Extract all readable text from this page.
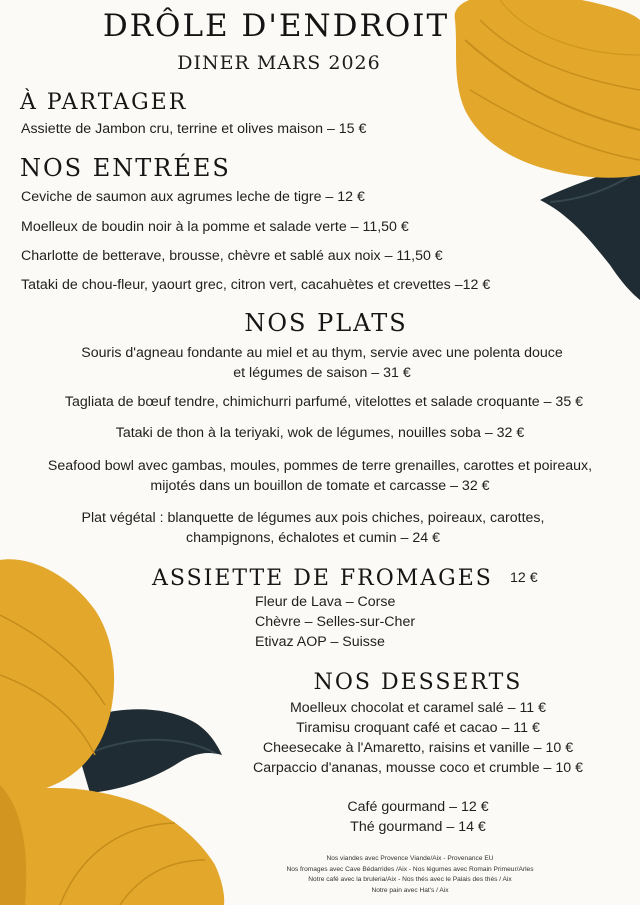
DRÔLE D'ENDROIT
DINER MARS 2026
À PARTAGER
Assiette de Jambon cru, terrine et olives maison – 15 €
NOS ENTRÉES
Ceviche de saumon aux agrumes leche de tigre – 12 €
Moelleux de boudin noir à la pomme et salade verte – 11,50 €
Charlotte de betterave, brousse, chèvre et sablé aux noix – 11,50 €
Tataki de chou-fleur, yaourt grec, citron vert, cacahuètes et crevettes –12 €
NOS PLATS
Souris d'agneau fondante au miel et au thym, servie avec une polenta douce
et légumes de saison – 31 €
Tagliata de bœuf tendre, chimichurri parfumé, vitelottes et salade croquante – 35 €
Tataki de thon à la teriyaki, wok de légumes, nouilles soba – 32 €
Seafood bowl avec gambas, moules, pommes de terre grenailles, carottes et poireaux,
mijotés dans un bouillon de tomate et carcasse – 32 €
Plat végétal : blanquette de légumes aux pois chiches, poireaux, carottes,
champignons, échalotes et cumin – 24 €
ASSIETTE DE FROMAGES 12 €
Fleur de Lava – Corse
Chèvre – Selles-sur-Cher
Etivaz AOP – Suisse
NOS DESSERTS
Moelleux chocolat et caramel salé – 11 €
Tiramisu croquant café et cacao – 11 €
Cheesecake à l'Amaretto, raisins et vanille – 10 €
Carpaccio d'ananas, mousse coco et crumble – 10 €
Café gourmand – 12 €
Thé gourmand – 14 €
Nos viandes avec Provence Viande/Aix - Provenance EU
Nos fromages avec Cave Bédarrides /Aix - Nos légumes avec Romain Primeur/Arles
Notre café avec la bruleria/Aix - Nos thés avec le Palais des thés / Aix
Notre pain avec Hat's / Aix
